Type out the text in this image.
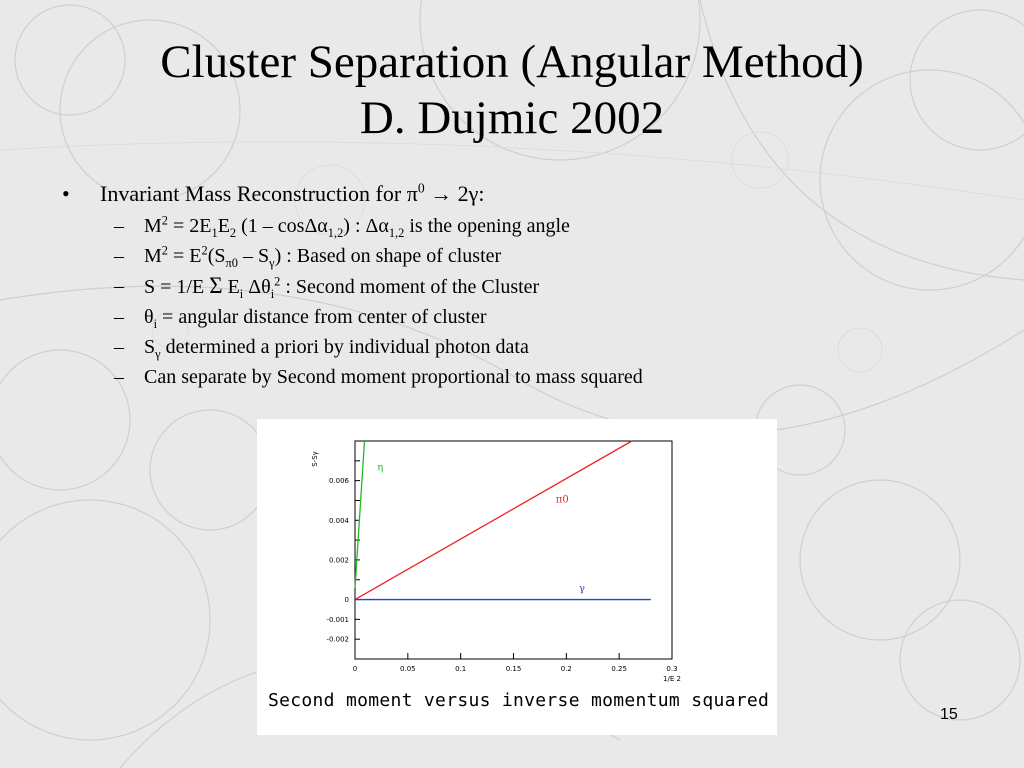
Cluster Separation (Angular Method)
D. Dujmic 2002
•	Invariant Mass Reconstruction for $\pi^0 \to 2\gamma$:
–	$M^2 = 2E_1E_2$ (1 – cosΔα$_{1,2}$) : $\Delta\alpha_{1,2}$ is the opening angle
–	$M^2 = E^2(S_{\pi 0} - S_\gamma)$ : Based on shape of cluster
–	S = 1/E Σ $E_i$ $\Delta\theta_i^2$ : Second moment of the Cluster
–	$\theta_i$ = angular distance from center of cluster
–	$S_\gamma$ determined a priori by individual photon data
–	Can separate by Second moment proportional to mass squared
0	0.05	0.1	0.15	0.2	0.25	0.3
-0.002
-0.001
0
0.002
0.004
0.006
S-Sγ
1/E 2
η
π0
γ
Second moment versus inverse momentum squared
15
